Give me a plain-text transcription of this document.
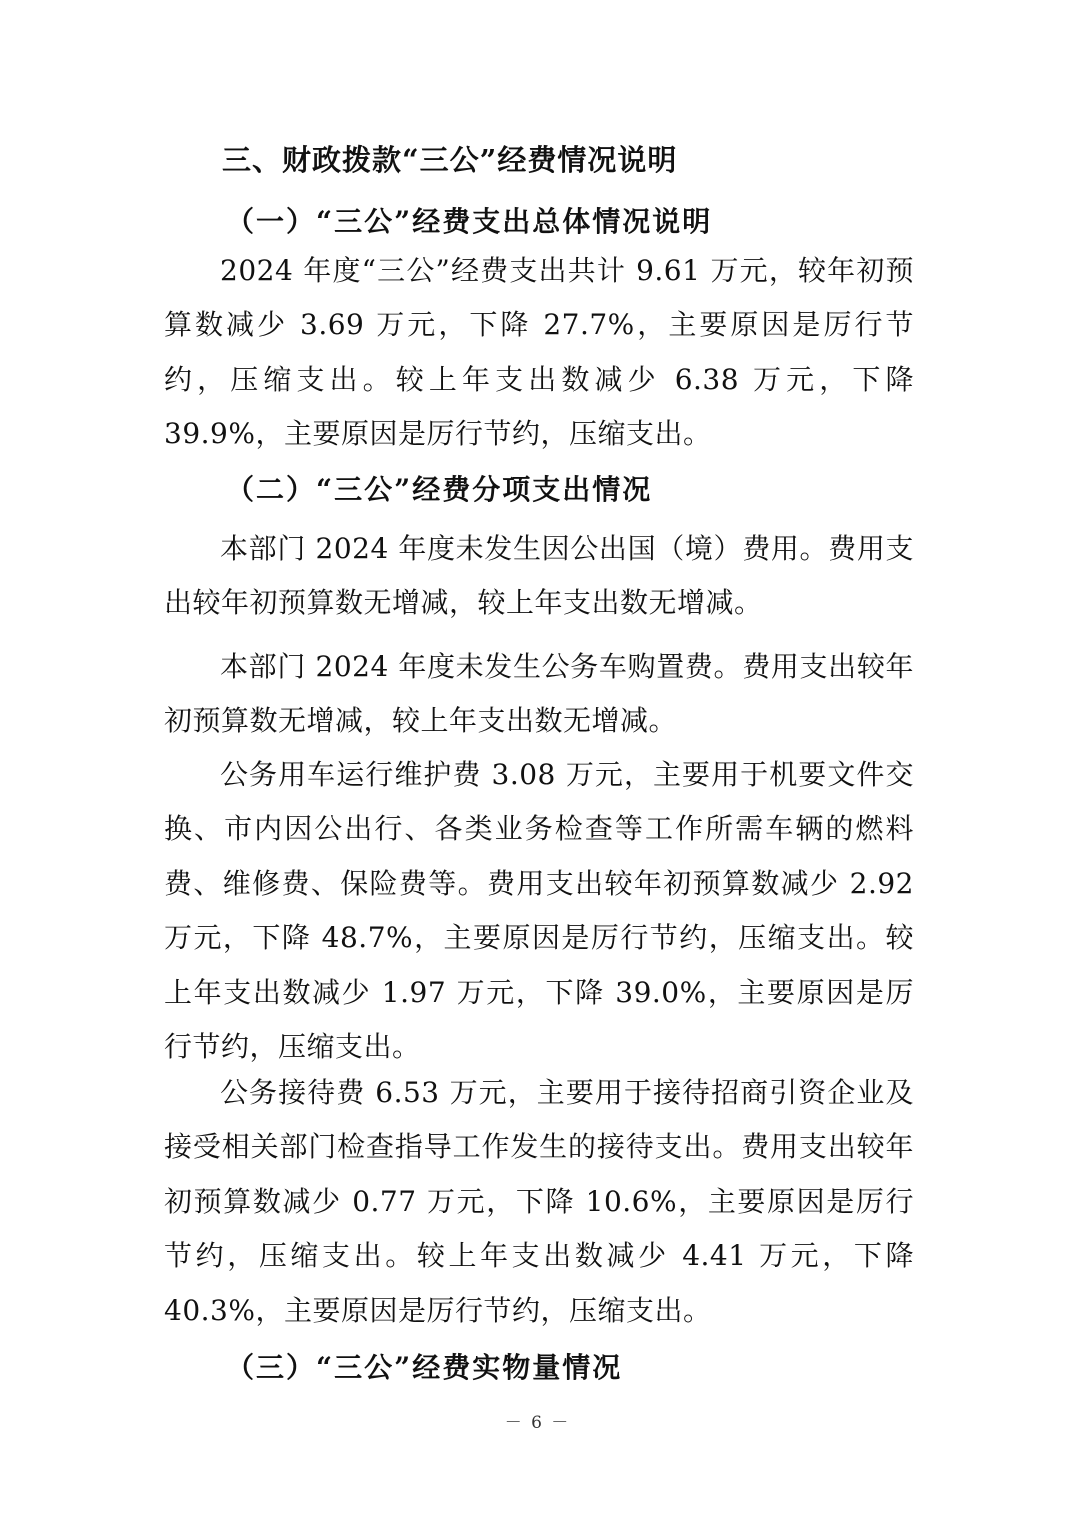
三、财政拨款“三公”经费情况说明
（一）“三公”经费支出总体情况说明

2024 年度“三公”经费支出共计 9.61 万元，较年初预算数减少 3.69 万元，下降 27.7%，主要原因是厉行节约，压缩支出。较上年支出数减少 6.38 万元，下降 39.9%，主要原因是厉行节约，压缩支出。

（二）“三公”经费分项支出情况

本部门 2024 年度未发生因公出国（境）费用。费用支出较年初预算数无增减，较上年支出数无增减。

本部门 2024 年度未发生公务车购置费。费用支出较年初预算数无增减，较上年支出数无增减。

公务用车运行维护费 3.08 万元，主要用于机要文件交换、市内因公出行、各类业务检查等工作所需车辆的燃料费、维修费、保险费等。费用支出较年初预算数减少 2.92 万元，下降 48.7%，主要原因是厉行节约，压缩支出。较上年支出数减少 1.97 万元，下降 39.0%，主要原因是厉行节约，压缩支出。

公务接待费 6.53 万元，主要用于接待招商引资企业及接受相关部门检查指导工作发生的接待支出。费用支出较年初预算数减少 0.77 万元，下降 10.6%，主要原因是厉行节约，压缩支出。较上年支出数减少 4.41 万元，下降 40.3%，主要原因是厉行节约，压缩支出。

（三）“三公”经费实物量情况
－ 6 －
